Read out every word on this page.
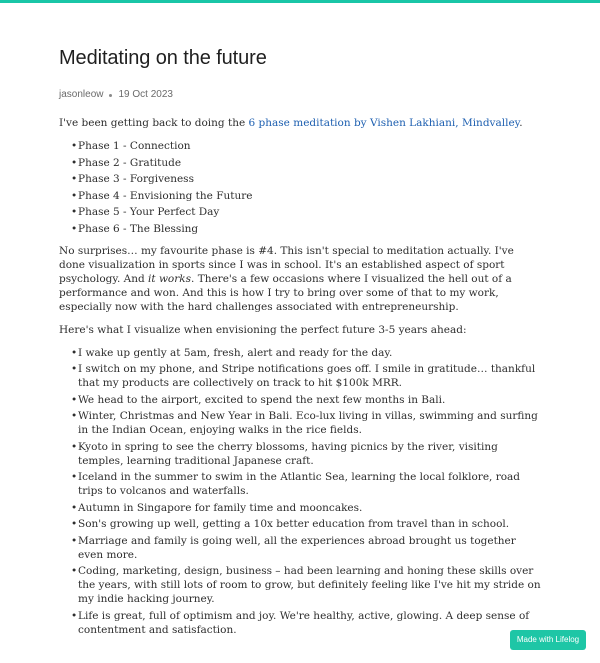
Meditating on the future
jasonleow 19 Oct 2023

I've been getting back to doing the 6 phase meditation by Vishen Lakhiani, Mindvalley.

• Phase 1 - Connection
• Phase 2 - Gratitude
• Phase 3 - Forgiveness
• Phase 4 - Envisioning the Future
• Phase 5 - Your Perfect Day
• Phase 6 - The Blessing

No surprises… my favourite phase is #4. This isn't special to meditation actually. I've done visualization in sports since I was in school. It's an established aspect of sport psychology. And it works. There's a few occasions where I visualized the hell out of a performance and won. And this is how I try to bring over some of that to my work, especially now with the hard challenges associated with entrepreneurship.

Here's what I visualize when envisioning the perfect future 3-5 years ahead:

• I wake up gently at 5am, fresh, alert and ready for the day.
• I switch on my phone, and Stripe notifications goes off. I smile in gratitude… thankful that my products are collectively on track to hit $100k MRR.
• We head to the airport, excited to spend the next few months in Bali.
• Winter, Christmas and New Year in Bali. Eco-lux living in villas, swimming and surfing in the Indian Ocean, enjoying walks in the rice fields.
• Kyoto in spring to see the cherry blossoms, having picnics by the river, visiting temples, learning traditional Japanese craft.
• Iceland in the summer to swim in the Atlantic Sea, learning the local folklore, road trips to volcanos and waterfalls.
• Autumn in Singapore for family time and mooncakes.
• Son's growing up well, getting a 10x better education from travel than in school.
• Marriage and family is going well, all the experiences abroad brought us together even more.
• Coding, marketing, design, business – had been learning and honing these skills over the years, with still lots of room to grow, but definitely feeling like I've hit my stride on my indie hacking journey.
• Life is great, full of optimism and joy. We're healthy, active, glowing. A deep sense of contentment and satisfaction.
Made with Lifelog
